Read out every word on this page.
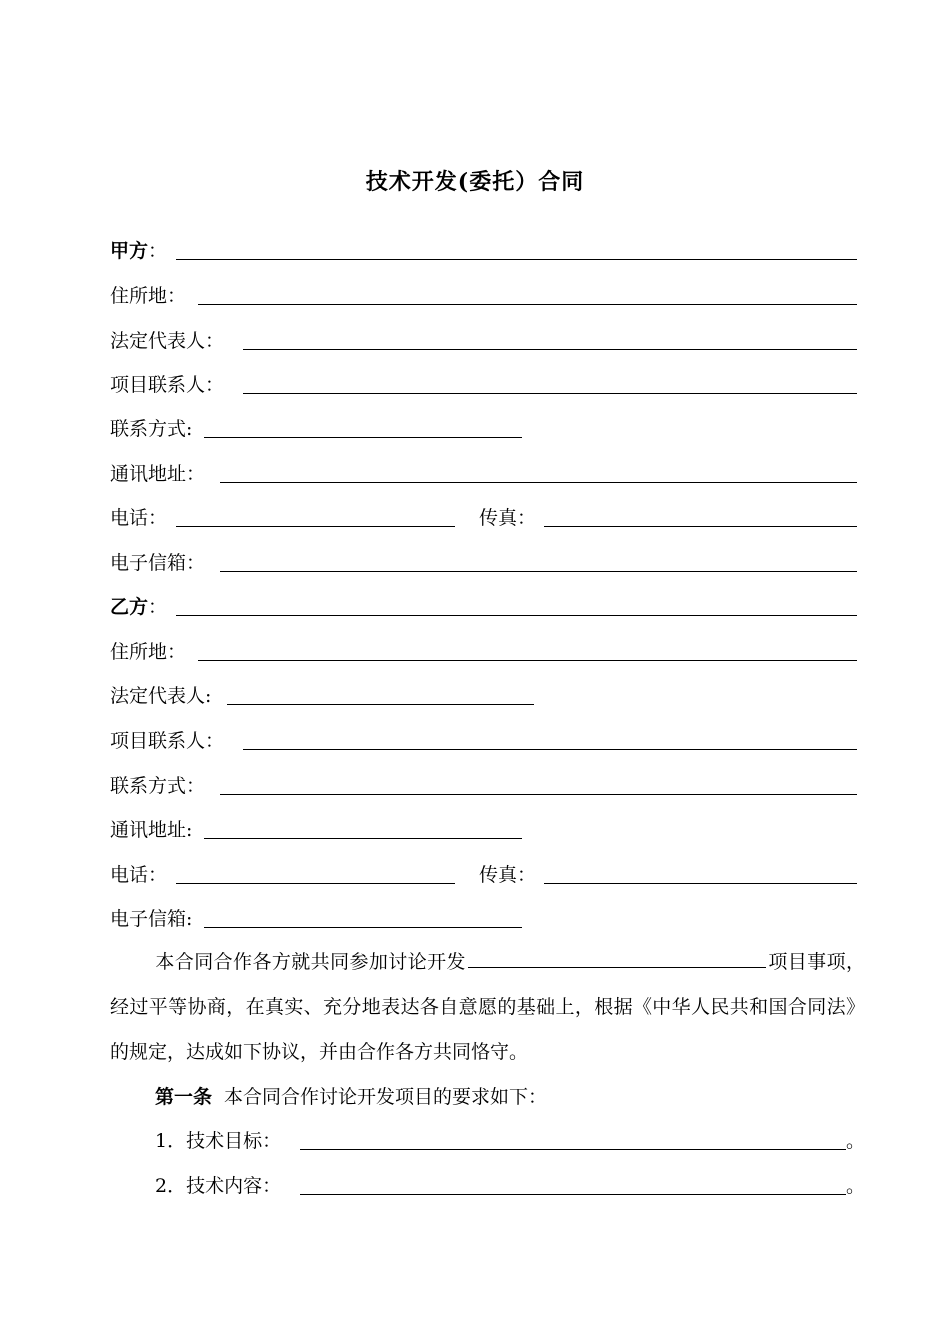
技术开发(委托）合同
甲方：
住所地：
法定代表人：
项目联系人：
联系方式:
通讯地址：
电话：	传真：
电子信箱：
乙方：
住所地：
法定代表人:
项目联系人：
联系方式：
通讯地址:
电话：	传真：
电子信箱:
本合同合作各方就共同参加讨论开发	项目事项，经过平等协商，在真实、充分地表达各自意愿的基础上，根据《中华人民共和国合同法》的规定，达成如下协议，并由合作各方共同恪守。
第一条 本合同合作讨论开发项目的要求如下：
1．技术目标：	。
2．技术内容：	。
